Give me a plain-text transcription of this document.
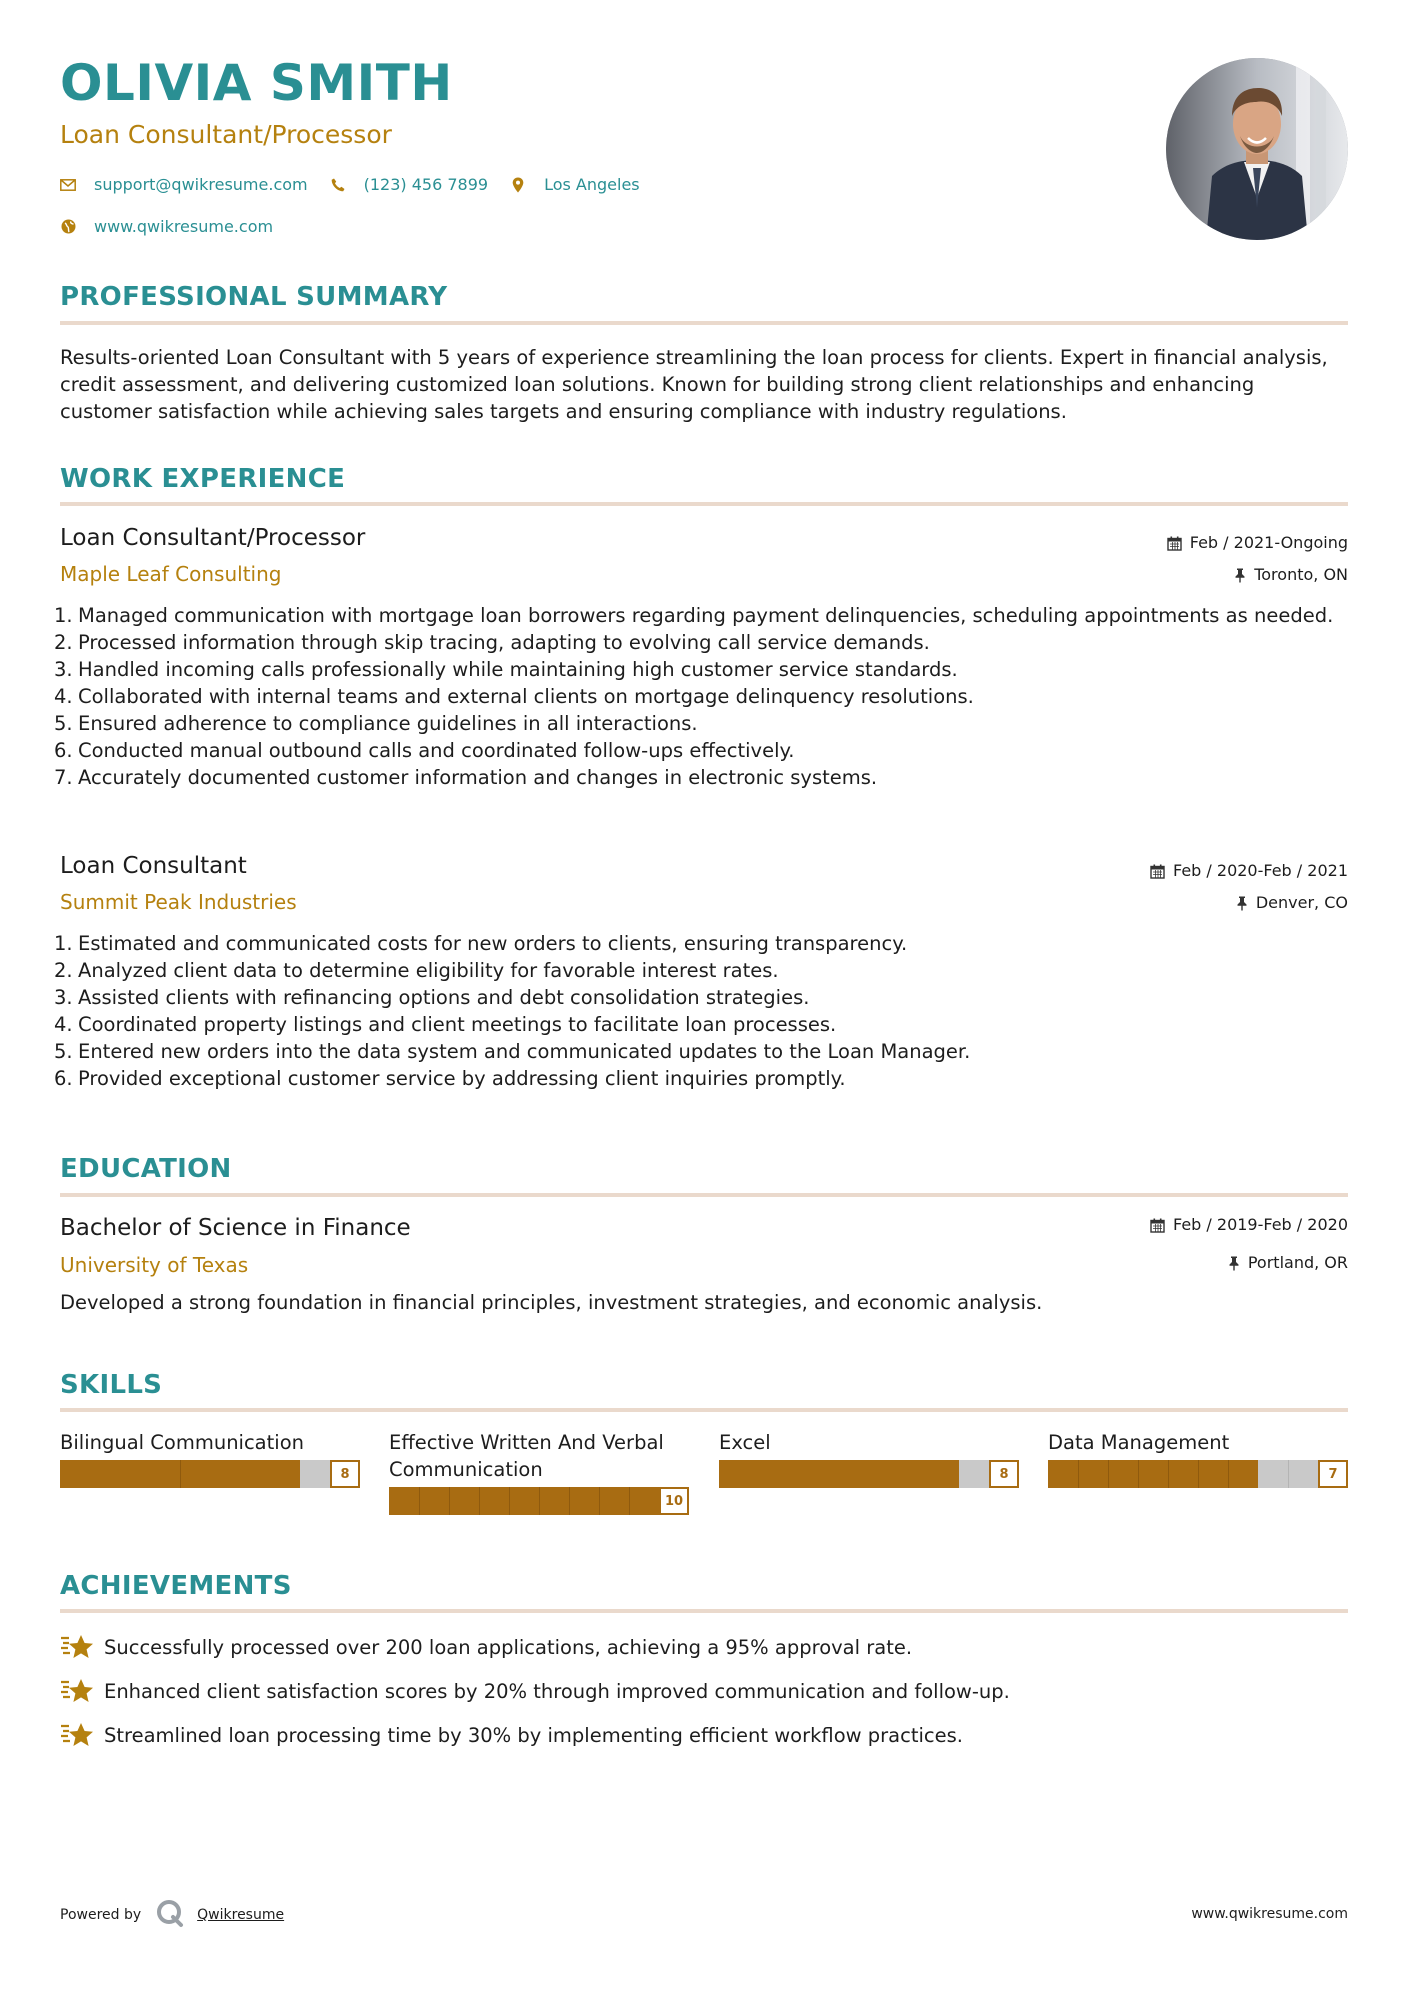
OLIVIA SMITH
Loan Consultant/Processor
support@qwikresume.com	(123) 456 7899	Los Angeles
www.qwikresume.com
PROFESSIONAL SUMMARY
Results-oriented Loan Consultant with 5 years of experience streamlining the loan process for clients. Expert in financial analysis, credit assessment, and delivering customized loan solutions. Known for building strong client relationships and enhancing customer satisfaction while achieving sales targets and ensuring compliance with industry regulations.
WORK EXPERIENCE
Loan Consultant/Processor
Maple Leaf Consulting
Feb / 2021-Ongoing
Toronto, ON
Managed communication with mortgage loan borrowers regarding payment delinquencies, scheduling appointments as needed.
Processed information through skip tracing, adapting to evolving call service demands.
Handled incoming calls professionally while maintaining high customer service standards.
Collaborated with internal teams and external clients on mortgage delinquency resolutions.
Ensured adherence to compliance guidelines in all interactions.
Conducted manual outbound calls and coordinated follow-ups effectively.
Accurately documented customer information and changes in electronic systems.
Loan Consultant
Summit Peak Industries
Feb / 2020-Feb / 2021
Denver, CO
Estimated and communicated costs for new orders to clients, ensuring transparency.
Analyzed client data to determine eligibility for favorable interest rates.
Assisted clients with refinancing options and debt consolidation strategies.
Coordinated property listings and client meetings to facilitate loan processes.
Entered new orders into the data system and communicated updates to the Loan Manager.
Provided exceptional customer service by addressing client inquiries promptly.
EDUCATION
Bachelor of Science in Finance
University of Texas
Feb / 2019-Feb / 2020
Portland, OR
Developed a strong foundation in financial principles, investment strategies, and economic analysis.
SKILLS
Bilingual Communication
8
Effective Written And Verbal Communication
10
Excel
8
Data Management
7
ACHIEVEMENTS
Successfully processed over 200 loan applications, achieving a 95% approval rate.
Enhanced client satisfaction scores by 20% through improved communication and follow-up.
Streamlined loan processing time by 30% by implementing efficient workflow practices.
Powered by	Qwikresume	www.qwikresume.com
